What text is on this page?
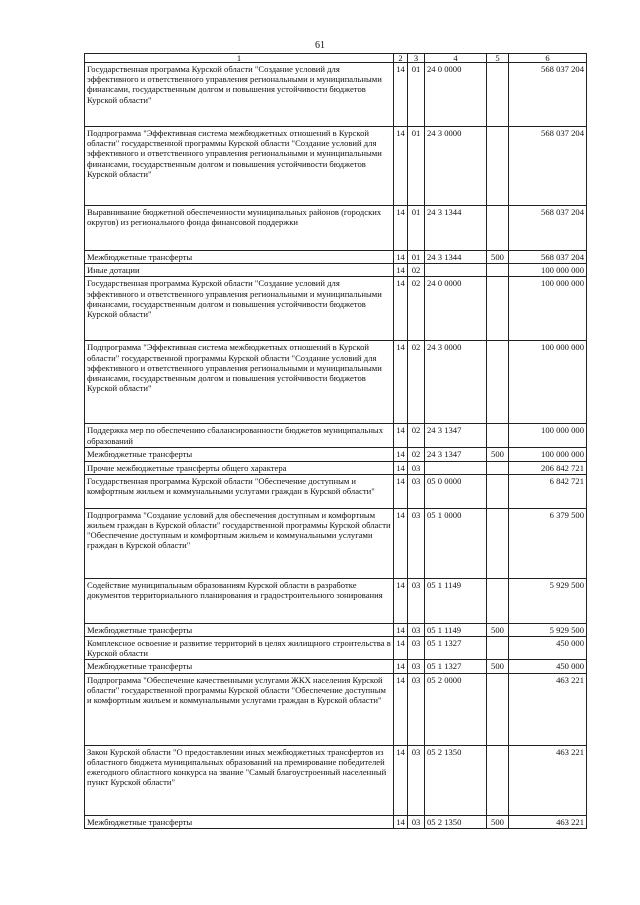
61
1	2	3	4	5	6
Государственная программа Курской области "Создание условий для эффективного и ответственного управления региональными и муниципальными финансами, государственным долгом и повышения устойчивости бюджетов Курской области"	14	01	24 0 0000		568 037 204
Подпрограмма "Эффективная система межбюджетных отношений в Курской области" государственной программы Курской области "Создание условий для эффективного и ответственного управления региональными и муниципальными финансами, государственным долгом и повышения устойчивости бюджетов Курской области"	14	01	24 3 0000		568 037 204
Выравнивание бюджетной обеспеченности муниципальных районов (городских округов) из регионального фонда финансовой поддержки	14	01	24 3 1344		568 037 204
Межбюджетные трансферты	14	01	24 3 1344	500	568 037 204
Иные дотации	14	02			100 000 000
Государственная программа Курской области "Создание условий для эффективного и ответственного управления региональными и муниципальными финансами, государственным долгом и повышения устойчивости бюджетов Курской области"	14	02	24 0 0000		100 000 000
Подпрограмма "Эффективная система межбюджетных отношений в Курской области" государственной программы Курской области "Создание условий для эффективного и ответственного управления региональными и муниципальными финансами, государственным долгом и повышения устойчивости бюджетов Курской области"	14	02	24 3 0000		100 000 000
Поддержка мер по обеспечению сбалансированности бюджетов муниципальных образований	14	02	24 3 1347		100 000 000
Межбюджетные трансферты	14	02	24 3 1347	500	100 000 000
Прочие межбюджетные трансферты общего характера	14	03			206 842 721
Государственная программа Курской области "Обеспечение доступным и комфортным жильем и коммунальными услугами граждан в Курской области"	14	03	05 0 0000		6 842 721
Подпрограмма "Создание условий для обеспечения доступным и комфортным жильем граждан в Курской области" государственной программы Курской области "Обеспечение доступным и комфортным жильем и коммунальными услугами граждан в Курской области"	14	03	05 1 0000		6 379 500
Содействие муниципальным образованиям Курской области в разработке документов территориального планирования и градостроительного зонирования	14	03	05 1 1149		5 929 500
Межбюджетные трансферты	14	03	05 1 1149	500	5 929 500
Комплексное освоение и развитие территорий в целях жилищного строительства в Курской области	14	03	05 1 1327		450 000
Межбюджетные трансферты	14	03	05 1 1327	500	450 000
Подпрограмма "Обеспечение качественными услугами ЖКХ населения Курской области" государственной программы Курской области "Обеспечение доступным и комфортным жильем и коммунальными услугами граждан в Курской области"	14	03	05 2 0000		463 221
Закон Курской области "О предоставлении иных межбюджетных трансфертов из областного бюджета муниципальных образований на премирование победителей ежегодного областного конкурса на звание "Самый благоустроенный населенный пункт Курской области"	14	03	05 2 1350		463 221
Межбюджетные трансферты	14	03	05 2 1350	500	463 221
